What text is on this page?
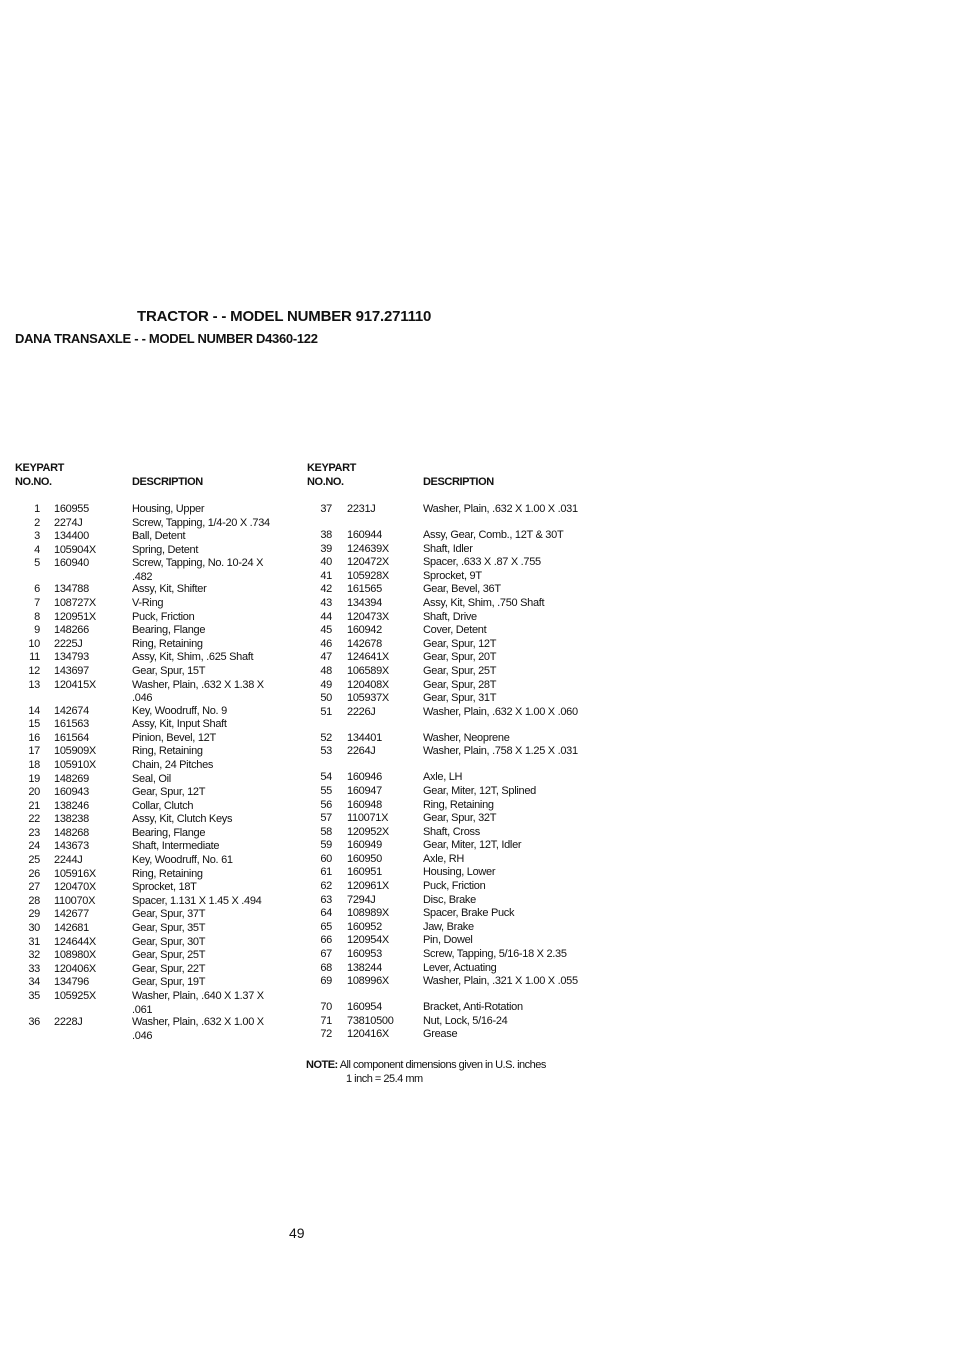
TRACTOR - - MODEL NUMBER 917.271110
DANA TRANSAXLE - - MODEL NUMBER D4360-122
KEYPART
NO.NO.	DESCRIPTION
KEYPART
NO.NO.	DESCRIPTION
1 160955	Housing, Upper
2 2274J	Screw, Tapping, 1/4-20 X .734
3 134400	Ball, Detent
4 105904X	Spring, Detent
5 160940	Screw, Tapping, No. 10-24 X .482
6 134788	Assy, Kit, Shifter
7 108727X	V-Ring
8 120951X	Puck, Friction
9 148266	Bearing, Flange
10 2225J	Ring, Retaining
11 134793	Assy, Kit, Shim, .625 Shaft
12 143697	Gear, Spur, 15T
13 120415X	Washer, Plain, .632 X 1.38 X .046
14 142674	Key, Woodruff, No. 9
15 161563	Assy, Kit, Input Shaft
16 161564	Pinion, Bevel, 12T
17 105909X	Ring, Retaining
18 105910X	Chain, 24 Pitches
19 148269	Seal, Oil
20 160943	Gear, Spur, 12T
21 138246	Collar, Clutch
22 138238	Assy, Kit, Clutch Keys
23 148268	Bearing, Flange
24 143673	Shaft, Intermediate
25 2244J	Key, Woodruff, No. 61
26 105916X	Ring, Retaining
27 120470X	Sprocket, 18T
28 110070X	Spacer, 1.131 X 1.45 X .494
29 142677	Gear, Spur, 37T
30 142681	Gear, Spur, 35T
31 124644X	Gear, Spur, 30T
32 108980X	Gear, Spur, 25T
33 120406X	Gear, Spur, 22T
34 134796	Gear, Spur, 19T
35 105925X	Washer, Plain, .640 X 1.37 X .061
36 2228J	Washer, Plain, .632 X 1.00 X .046
37 2231J	Washer, Plain, .632 X 1.00 X .031
38 160944	Assy, Gear, Comb., 12T & 30T
39 124639X	Shaft, Idler
40 120472X	Spacer, .633 X .87 X .755
41 105928X	Sprocket, 9T
42 161565	Gear, Bevel, 36T
43 134394	Assy, Kit, Shim, .750 Shaft
44 120473X	Shaft, Drive
45 160942	Cover, Detent
46 142678	Gear, Spur, 12T
47 124641X	Gear, Spur, 20T
48 106589X	Gear, Spur, 25T
49 120408X	Gear, Spur, 28T
50 105937X	Gear, Spur, 31T
51 2226J	Washer, Plain, .632 X 1.00 X .060
52 134401	Washer, Neoprene
53 2264J	Washer, Plain, .758 X 1.25 X .031
54 160946	Axle, LH
55 160947	Gear, Miter, 12T, Splined
56 160948	Ring, Retaining
57 110071X	Gear, Spur, 32T
58 120952X	Shaft, Cross
59 160949	Gear, Miter, 12T, Idler
60 160950	Axle, RH
61 160951	Housing, Lower
62 120961X	Puck, Friction
63 7294J	Disc, Brake
64 108989X	Spacer, Brake Puck
65 160952	Jaw, Brake
66 120954X	Pin, Dowel
67 160953	Screw, Tapping, 5/16-18 X 2.35
68 138244	Lever, Actuating
69 108996X	Washer, Plain, .321 X 1.00 X .055
70 160954	Bracket, Anti-Rotation
71 73810500	Nut, Lock, 5/16-24
72 120416X	Grease
NOTE: All component dimensions given in U.S. inches
1 inch = 25.4 mm
49
